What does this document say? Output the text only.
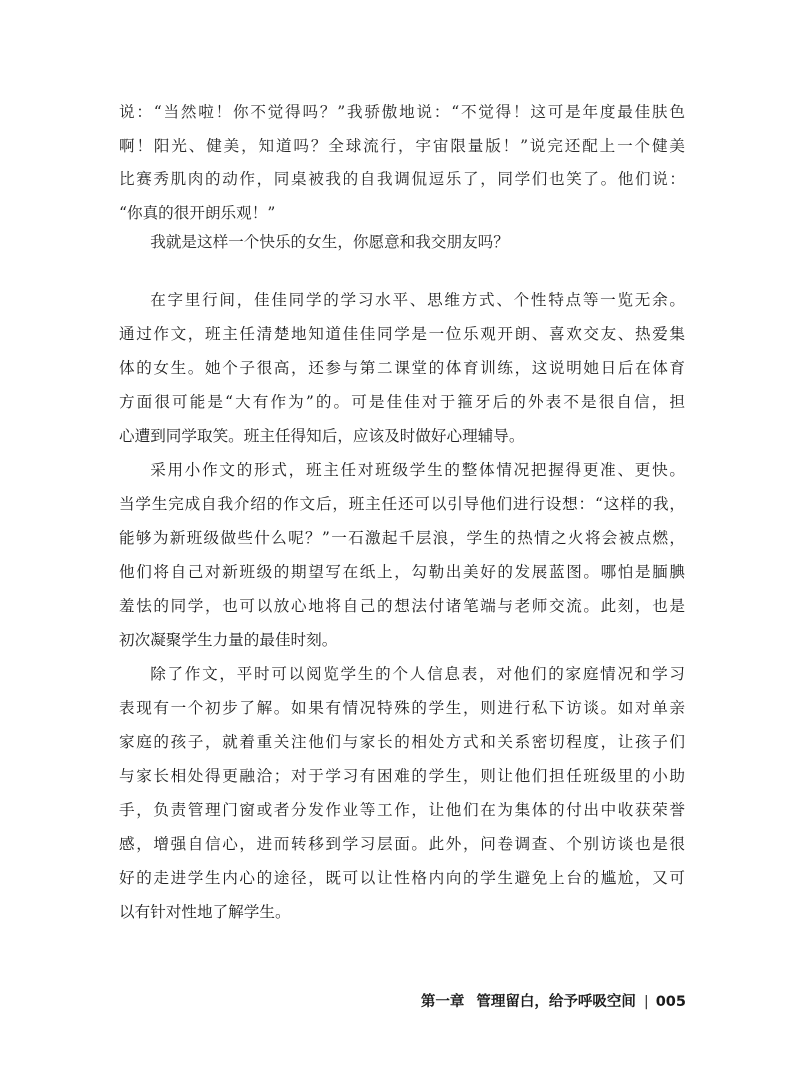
说：“当然啦！你不觉得吗？”我骄傲地说：“不觉得！这可是年度最佳肤色
啊！阳光、健美，知道吗？全球流行，宇宙限量版！”说完还配上一个健美
比赛秀肌肉的动作，同桌被我的自我调侃逗乐了，同学们也笑了。他们说：
“你真的很开朗乐观！”
我就是这样一个快乐的女生，你愿意和我交朋友吗？
在字里行间，佳佳同学的学习水平、思维方式、个性特点等一览无余。
通过作文，班主任清楚地知道佳佳同学是一位乐观开朗、喜欢交友、热爱集
体的女生。她个子很高，还参与第二课堂的体育训练，这说明她日后在体育
方面很可能是“大有作为”的。可是佳佳对于箍牙后的外表不是很自信，担
心遭到同学取笑。班主任得知后，应该及时做好心理辅导。
采用小作文的形式，班主任对班级学生的整体情况把握得更准、更快。
当学生完成自我介绍的作文后，班主任还可以引导他们进行设想：“这样的我，
能够为新班级做些什么呢？”一石激起千层浪，学生的热情之火将会被点燃，
他们将自己对新班级的期望写在纸上，勾勒出美好的发展蓝图。哪怕是腼腆
羞怯的同学，也可以放心地将自己的想法付诸笔端与老师交流。此刻，也是
初次凝聚学生力量的最佳时刻。
除了作文，平时可以阅览学生的个人信息表，对他们的家庭情况和学习
表现有一个初步了解。如果有情况特殊的学生，则进行私下访谈。如对单亲
家庭的孩子，就着重关注他们与家长的相处方式和关系密切程度，让孩子们
与家长相处得更融洽；对于学习有困难的学生，则让他们担任班级里的小助
手，负责管理门窗或者分发作业等工作，让他们在为集体的付出中收获荣誉
感，增强自信心，进而转移到学习层面。此外，问卷调查、个别访谈也是很
好的走进学生内心的途径，既可以让性格内向的学生避免上台的尴尬，又可
以有针对性地了解学生。
第一章 管理留白，给予呼吸空间 | 005
